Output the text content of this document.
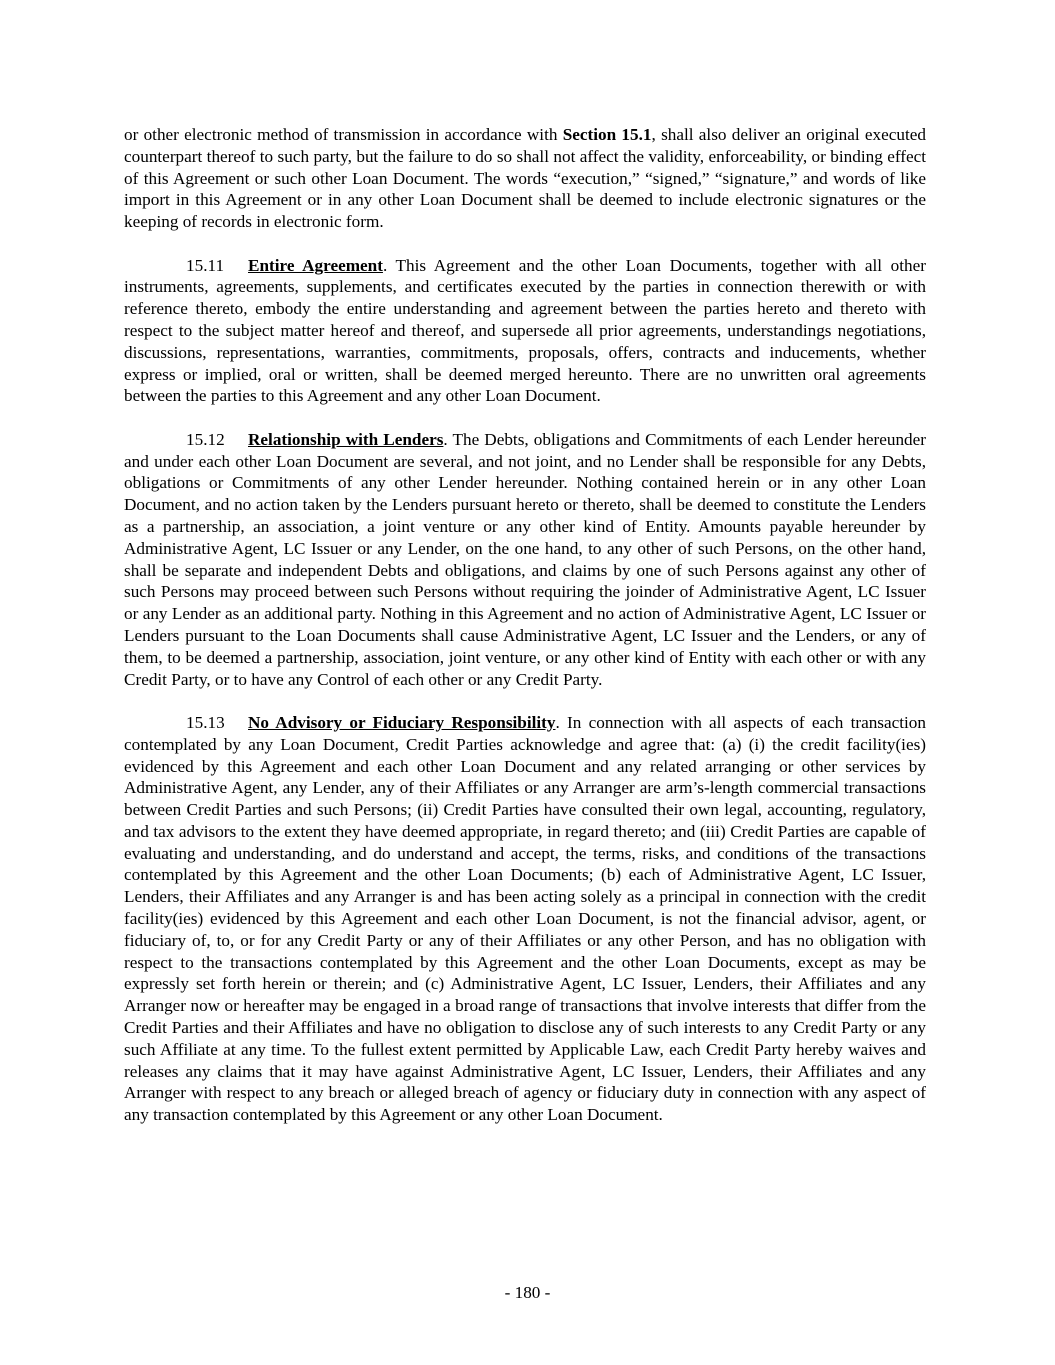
or other electronic method of transmission in accordance with Section 15.1, shall also deliver an original executed counterpart thereof to such party, but the failure to do so shall not affect the validity, enforceability, or binding effect of this Agreement or such other Loan Document. The words “execution,” “signed,” “signature,” and words of like import in this Agreement or in any other Loan Document shall be deemed to include electronic signatures or the keeping of records in electronic form.

15.11 Entire Agreement. This Agreement and the other Loan Documents, together with all other instruments, agreements, supplements, and certificates executed by the parties in connection therewith or with reference thereto, embody the entire understanding and agreement between the parties hereto and thereto with respect to the subject matter hereof and thereof, and supersede all prior agreements, understandings negotiations, discussions, representations, warranties, commitments, proposals, offers, contracts and inducements, whether express or implied, oral or written, shall be deemed merged hereunto. There are no unwritten oral agreements between the parties to this Agreement and any other Loan Document.

15.12 Relationship with Lenders. The Debts, obligations and Commitments of each Lender hereunder and under each other Loan Document are several, and not joint, and no Lender shall be responsible for any Debts, obligations or Commitments of any other Lender hereunder. Nothing contained herein or in any other Loan Document, and no action taken by the Lenders pursuant hereto or thereto, shall be deemed to constitute the Lenders as a partnership, an association, a joint venture or any other kind of Entity. Amounts payable hereunder by Administrative Agent, LC Issuer or any Lender, on the one hand, to any other of such Persons, on the other hand, shall be separate and independent Debts and obligations, and claims by one of such Persons against any other of such Persons may proceed between such Persons without requiring the joinder of Administrative Agent, LC Issuer or any Lender as an additional party. Nothing in this Agreement and no action of Administrative Agent, LC Issuer or Lenders pursuant to the Loan Documents shall cause Administrative Agent, LC Issuer and the Lenders, or any of them, to be deemed a partnership, association, joint venture, or any other kind of Entity with each other or with any Credit Party, or to have any Control of each other or any Credit Party.

15.13 No Advisory or Fiduciary Responsibility. In connection with all aspects of each transaction contemplated by any Loan Document, Credit Parties acknowledge and agree that: (a) (i) the credit facility(ies) evidenced by this Agreement and each other Loan Document and any related arranging or other services by Administrative Agent, any Lender, any of their Affiliates or any Arranger are arm’s-length commercial transactions between Credit Parties and such Persons; (ii) Credit Parties have consulted their own legal, accounting, regulatory, and tax advisors to the extent they have deemed appropriate, in regard thereto; and (iii) Credit Parties are capable of evaluating and understanding, and do understand and accept, the terms, risks, and conditions of the transactions contemplated by this Agreement and the other Loan Documents; (b) each of Administrative Agent, LC Issuer, Lenders, their Affiliates and any Arranger is and has been acting solely as a principal in connection with the credit facility(ies) evidenced by this Agreement and each other Loan Document, is not the financial advisor, agent, or fiduciary of, to, or for any Credit Party or any of their Affiliates or any other Person, and has no obligation with respect to the transactions contemplated by this Agreement and the other Loan Documents, except as may be expressly set forth herein or therein; and (c) Administrative Agent, LC Issuer, Lenders, their Affiliates and any Arranger now or hereafter may be engaged in a broad range of transactions that involve interests that differ from the Credit Parties and their Affiliates and have no obligation to disclose any of such interests to any Credit Party or any such Affiliate at any time. To the fullest extent permitted by Applicable Law, each Credit Party hereby waives and releases any claims that it may have against Administrative Agent, LC Issuer, Lenders, their Affiliates and any Arranger with respect to any breach or alleged breach of agency or fiduciary duty in connection with any aspect of any transaction contemplated by this Agreement or any other Loan Document.

- 180 -
